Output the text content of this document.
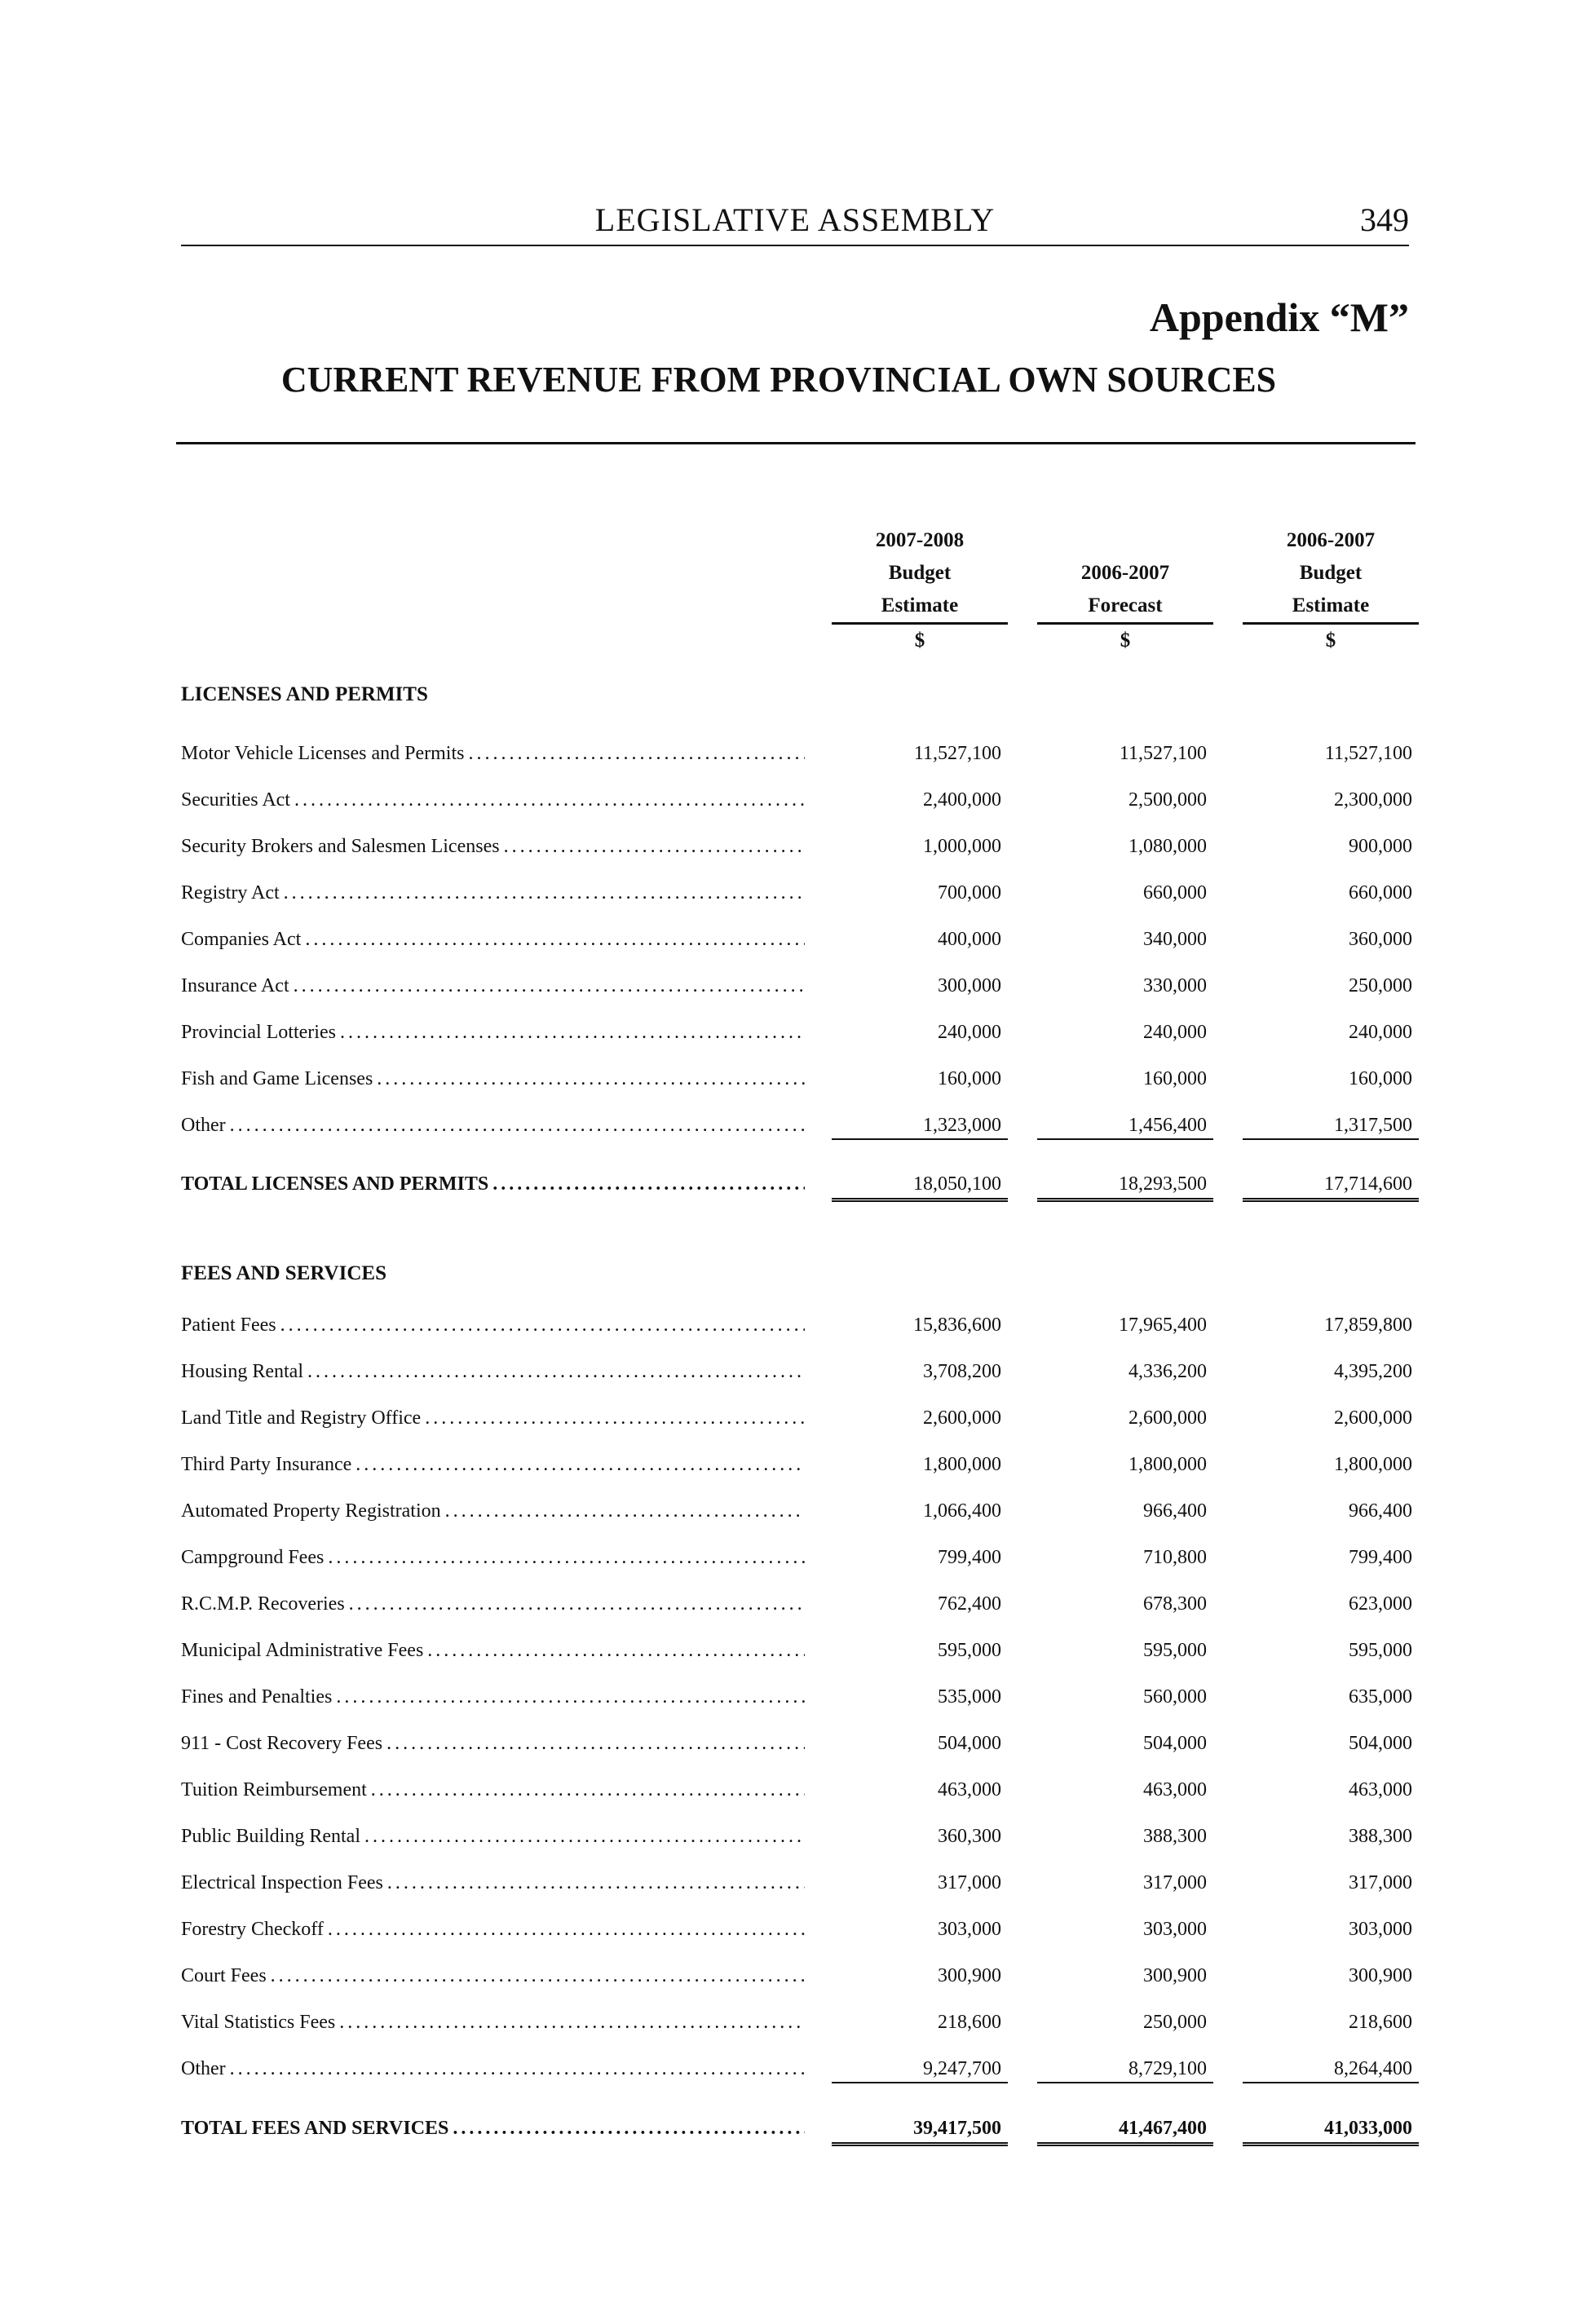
LEGISLATIVE ASSEMBLY	349
Appendix “M”
CURRENT REVENUE FROM PROVINCIAL OWN SOURCES
2007-2008
Budget
Estimate
$

2006-2007
Forecast
$
2006-2007
Budget
Estimate
$
LICENSES AND PERMITS
Motor Vehicle Licenses and Permits . . .	11,527,100	11,527,100	11,527,100
Securities Act . . .	2,400,000	2,500,000	2,300,000
Security Brokers and Salesmen Licenses . . .	1,000,000	1,080,000	900,000
Registry Act . . .	700,000	660,000	660,000
Companies Act . . .	400,000	340,000	360,000
Insurance Act . . .	300,000	330,000	250,000
Provincial Lotteries . . .	240,000	240,000	240,000
Fish and Game Licenses . . .	160,000	160,000	160,000
Other . . .	1,323,000	1,456,400	1,317,500
TOTAL LICENSES AND PERMITS . . .	18,050,100	18,293,500	17,714,600
FEES AND SERVICES
Patient Fees . . .	15,836,600	17,965,400	17,859,800
Housing Rental . . .	3,708,200	4,336,200	4,395,200
Land Title and Registry Office . . .	2,600,000	2,600,000	2,600,000
Third Party Insurance . . .	1,800,000	1,800,000	1,800,000
Automated Property Registration . . .	1,066,400	966,400	966,400
Campground Fees . . .	799,400	710,800	799,400
R.C.M.P. Recoveries . . .	762,400	678,300	623,000
Municipal Administrative Fees . . .	595,000	595,000	595,000
Fines and Penalties . . .	535,000	560,000	635,000
911 - Cost Recovery Fees . . .	504,000	504,000	504,000
Tuition Reimbursement . . .	463,000	463,000	463,000
Public Building Rental . . .	360,300	388,300	388,300
Electrical Inspection Fees . . .	317,000	317,000	317,000
Forestry Checkoff . . .	303,000	303,000	303,000
Court Fees . . .	300,900	300,900	300,900
Vital Statistics Fees . . .	218,600	250,000	218,600
Other . . .	9,247,700	8,729,100	8,264,400
TOTAL FEES AND SERVICES . . .	39,417,500	41,467,400	41,033,000
